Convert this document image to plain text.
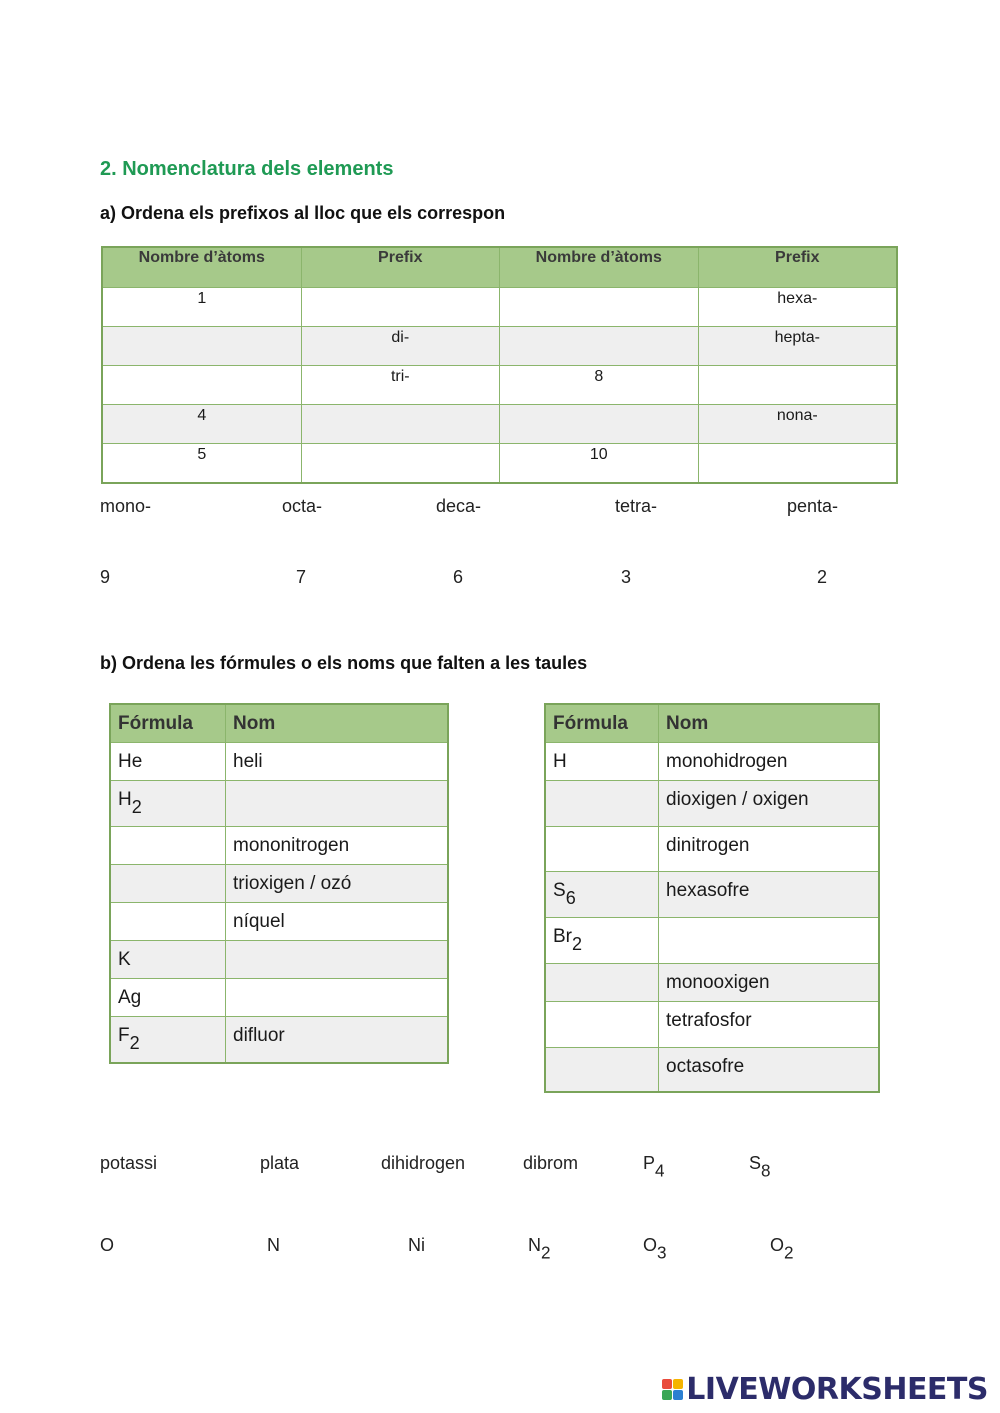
2. Nomenclatura dels elements
a) Ordena els prefixos al lloc que els correspon
Nombre d’àtoms	Prefix	Nombre d’àtoms	Prefix
1			hexa-
	di-		hepta-
	tri-	8	
4			nona-
5		10	
mono-	octa-	deca-	tetra-	penta-
9	7	6	3	2
b) Ordena les fórmules o els noms que falten a les taules
Fórmula	Nom
He	heli
$H_2$	
	mononitrogen
	trioxigen / ozó
	níquel
K	
Ag	
$F_2$	difluor
Fórmula	Nom
H	monohidrogen
	dioxigen / oxigen
	dinitrogen
$S_6$	hexasofre
$Br_2$	
	monooxigen
	tetrafosfor
	octasofre
potassi	plata	dihidrogen	dibrom	$P_4$	$S_8$
O	N	Ni	$N_2$	$O_3$	$O_2$
LIVEWORKSHEETS
